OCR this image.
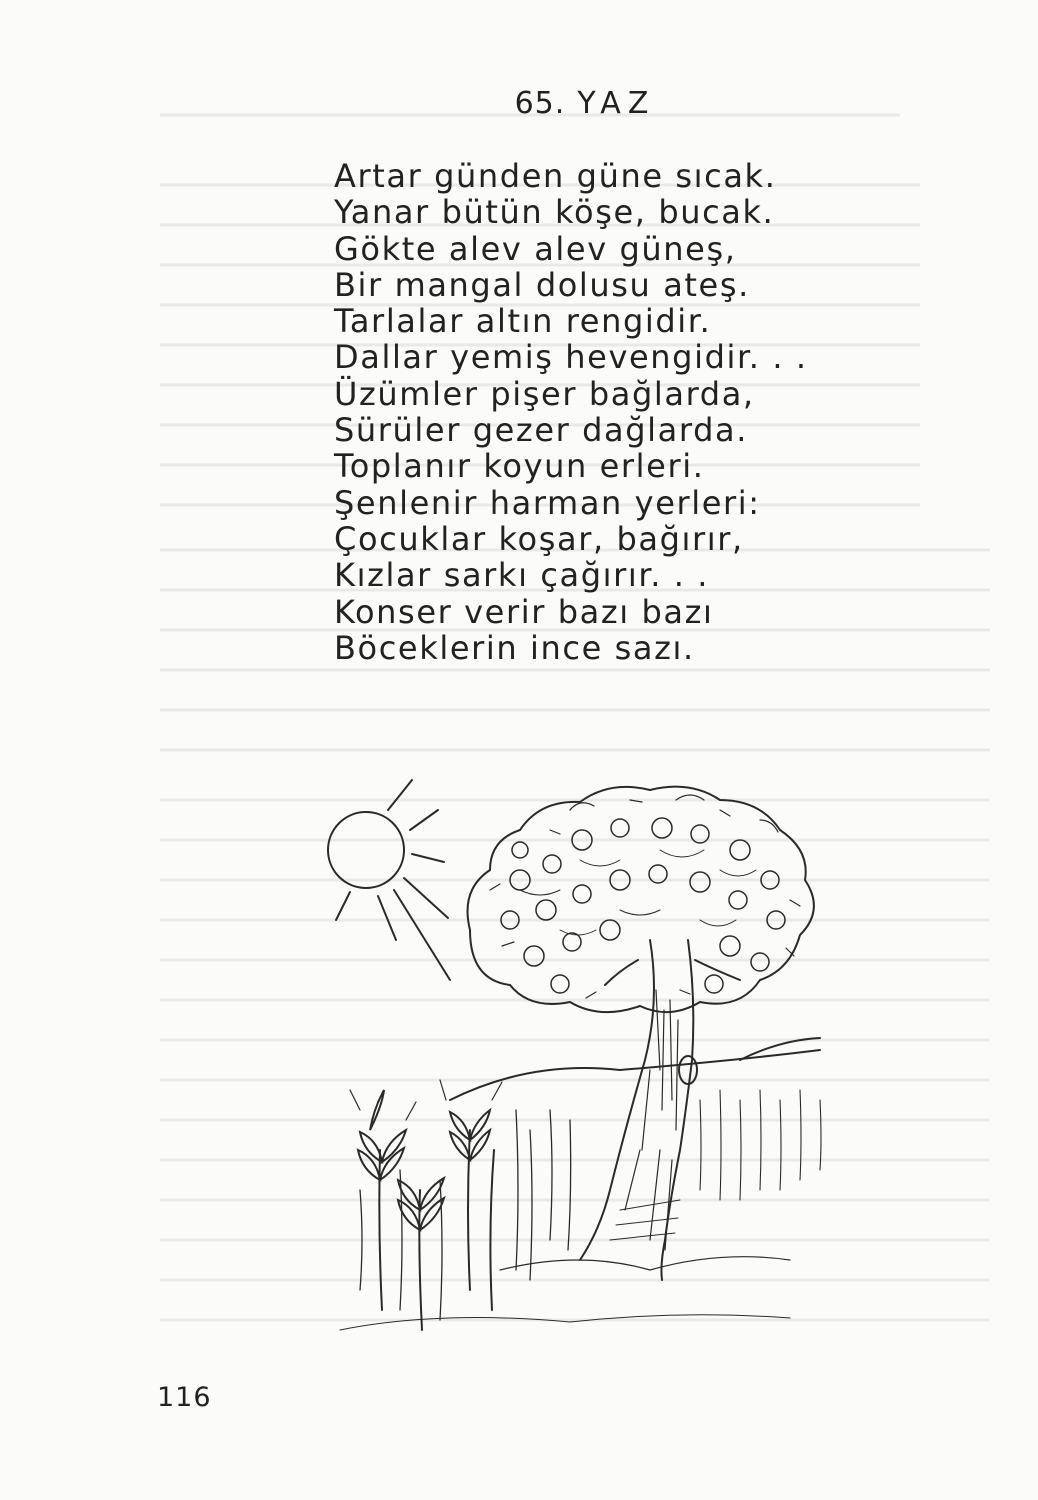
65. YAZ
Artar günden güne sıcak.
Yanar bütün köşe, bucak.
Gökte alev alev güneş,
Bir mangal dolusu ateş.
Tarlalar altın rengidir.
Dallar yemiş hevengidir. . .
Üzümler pişer bağlarda,
Sürüler gezer dağlarda.
Toplanır koyun erleri.
Şenlenir harman yerleri:
Çocuklar koşar, bağırır,
Kızlar sarkı çağırır. . .
Konser verir bazı bazı
Böceklerin ince sazı.

116
